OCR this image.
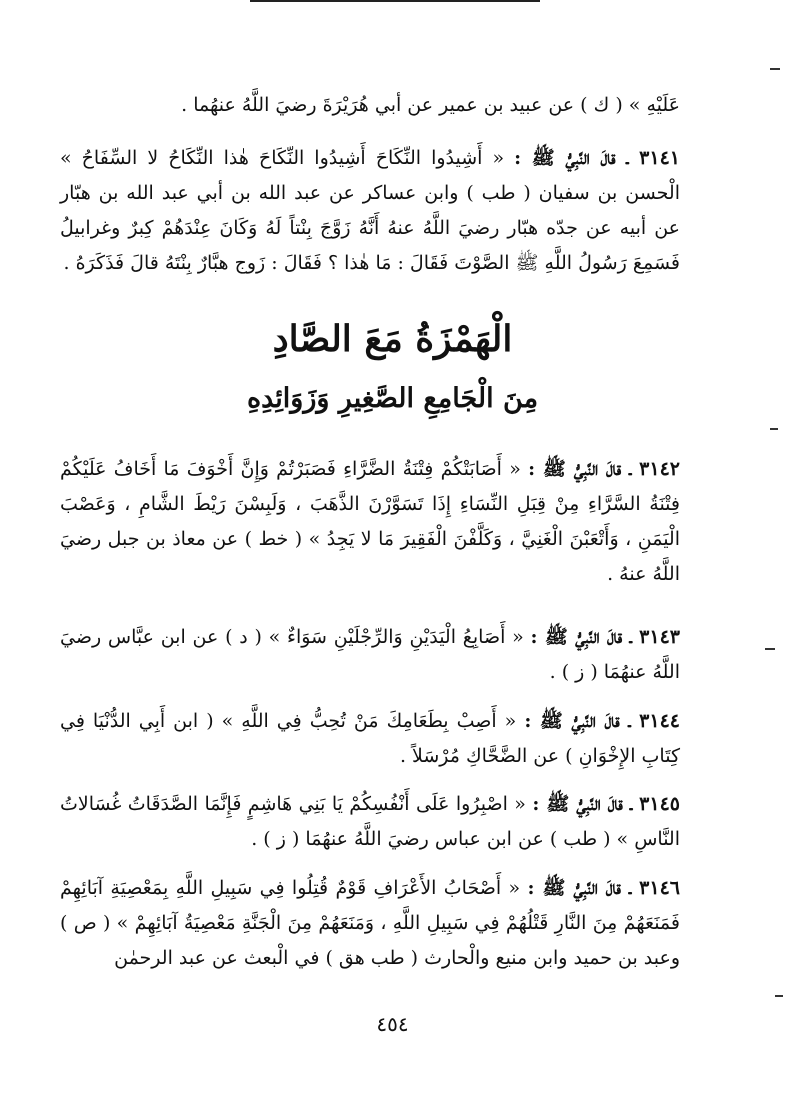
عَلَيْهِ » ( ك ) عن عبيد بن عمير عن أبي هُرَيْرَةَ رضيَ اللَّهُ عنهُما .
٣١٤١ ـ قالَ النَّبِيُّ ﷺ : « أَشِيدُوا النِّكَاحَ أَشِيدُوا النِّكَاحَ هٰذا النِّكَاحُ لا السِّفَاحُ » الْحسن بن سفيان ( طب ) وابن عساكر عن عبد الله بن أبي عبد الله بن هبّار عن أبيه عن جدّه هبّار رضيَ اللَّهُ عنهُ أَنَّهُ زَوَّجَ بِنْتاً لَهُ وَكَانَ عِنْدَهُمْ كِبرٌ وغرابيلُ فَسَمِعَ رَسُولُ اللَّهِ ﷺ الصَّوْتَ فَقَالَ : مَا هٰذا ؟ فَقَالَ : زَوج هبَّارٌ بِنْتَهُ قالَ فَذَكَرَهُ .
الْهَمْزَةُ مَعَ الصَّادِ
مِنَ الْجَامِعِ الصَّغِيرِ وَزَوَائِدِهِ
٣١٤٢ ـ قالَ النَّبِيُّ ﷺ : « أَصَابَتْكُمْ فِتْنَةُ الضَّرَّاءِ فَصَبَرْتُمْ وَإِنَّ أَخْوَفَ مَا أَخَافُ عَلَيْكُمْ فِتْنَةُ السَّرَّاءِ مِنْ قِبَلِ النِّسَاءِ إِذَا تَسَوَّرْنَ الذَّهَبَ ، وَلَبِسْنَ رَيْطَ الشَّامِ ، وَعَصْبَ الْيَمَنِ ، وَأَتْعَبْنَ الْغَنِيَّ ، وَكَلَّفْنَ الْفَقِيرَ مَا لا يَجِدُ » ( خط ) عن معاذ بن جبل رضيَ اللَّهُ عنهُ .
٣١٤٣ ـ قالَ النَّبِيُّ ﷺ : « أَصَابِعُ الْيَدَيْنِ وَالرِّجْلَيْنِ سَوَاءٌ » ( د ) عن ابن عبَّاس رضيَ اللَّهُ عنهُمَا ( ز ) .
٣١٤٤ ـ قالَ النَّبِيُّ ﷺ : « أَصِبْ بِطَعَامِكَ مَنْ تُحِبُّ فِي اللَّهِ » ( ابن أَبِي الدُّنْيَا فِي كِتَابِ الإِخْوَانِ ) عن الضَّحَّاكِ مُرْسَلاً .
٣١٤٥ ـ قالَ النَّبِيُّ ﷺ : « اصْبِرُوا عَلَى أَنْفُسِكُمْ يَا بَنِي هَاشِمٍ فَإِنَّمَا الصَّدَقَاتُ غُسَالاتُ النَّاسِ » ( طب ) عن ابن عباس رضيَ اللَّهُ عنهُمَا ( ز ) .
٣١٤٦ ـ قالَ النَّبِيُّ ﷺ : « أَصْحَابُ الأَعْرَافِ قَوْمٌ قُتِلُوا فِي سَبِيلِ اللَّهِ بِمَعْصِيَةِ آبَائِهِمْ فَمَنَعَهُمْ مِنَ النَّارِ قَتْلُهُمْ فِي سَبِيلِ اللَّهِ ، وَمَنَعَهُمْ مِنَ الْجَنَّةِ مَعْصِيَةُ آبَائِهِمْ » ( ص ) وعبد بن حمید وابن منیع والْحارث ( طب هق ) في الْبعث عن عبد الرحمٰن
٤٥٤
